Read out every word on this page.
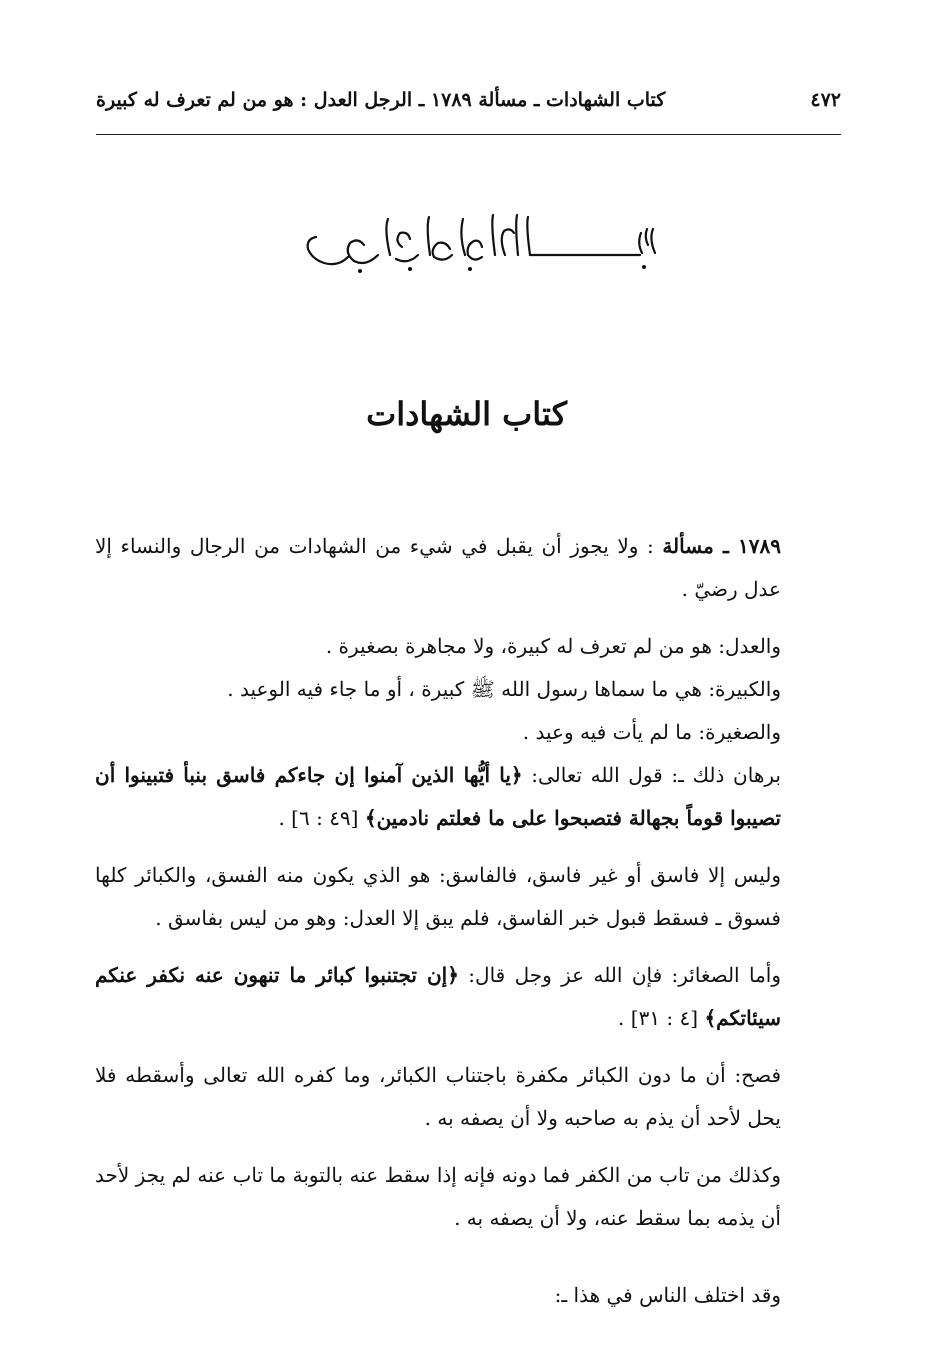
٤٧٢
كتاب الشهادات ـ مسألة ١٧٨٩ ـ الرجل العدل : هو من لم تعرف له كبيرة
كتاب الشهادات

١٧٨٩ ـ مسألة : ولا يجوز أن يقبل في شيء من الشهادات من الرجال والنساء إلا عدل رضيّ .

والعدل: هو من لم تعرف له كبيرة، ولا مجاهرة بصغيرة .

والكبيرة: هي ما سماها رسول الله ﷺ كبيرة ، أو ما جاء فيه الوعيد .

والصغيرة: ما لم يأت فيه وعيد .

برهان ذلك ـ: قول الله تعالى: ﴿يا أيُّها الذين آمنوا إن جاءكم فاسق بنبأ فتبينوا أن تصيبوا قوماً بجهالة فتصبحوا على ما فعلتم نادمين﴾ [٤٩ : ٦] .

وليس إلا فاسق أو غير فاسق، فالفاسق: هو الذي يكون منه الفسق، والكبائر كلها فسوق ـ فسقط قبول خبر الفاسق، فلم يبق إلا العدل: وهو من ليس بفاسق .

وأما الصغائر: فإن الله عز وجل قال: ﴿إن تجتنبوا كبائر ما تنهون عنه نكفر عنكم سيئاتكم﴾ [٤ : ٣١] .

فصح: أن ما دون الكبائر مكفرة باجتناب الكبائر، وما كفره الله تعالى وأسقطه فلا يحل لأحد أن يذم به صاحبه ولا أن يصفه به .

وكذلك من تاب من الكفر فما دونه فإنه إذا سقط عنه بالتوبة ما تاب عنه لم يجز لأحد أن يذمه بما سقط عنه، ولا أن يصفه به .

وقد اختلف الناس في هذا ـ:
